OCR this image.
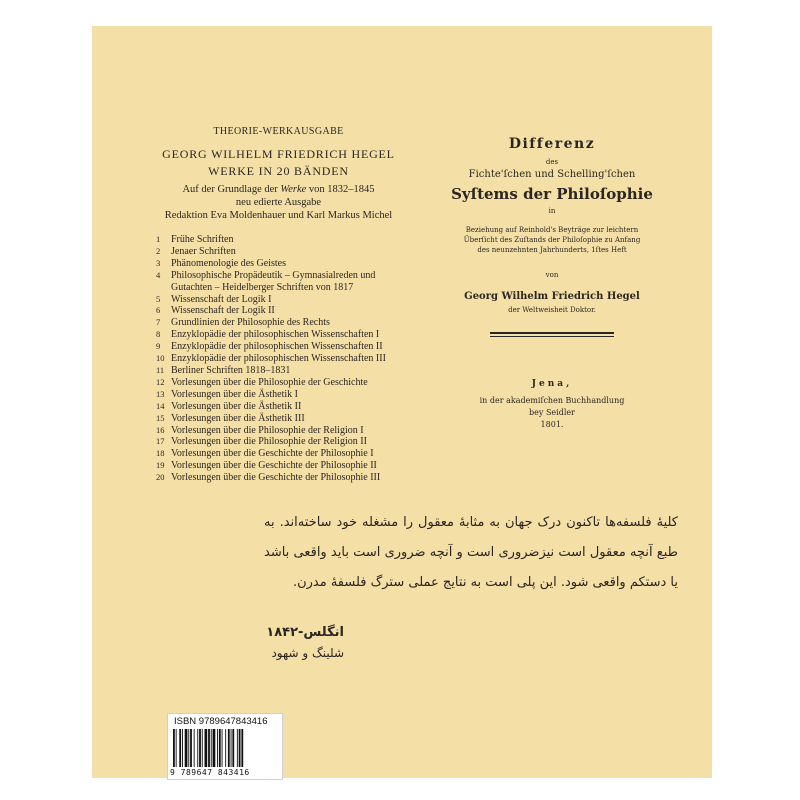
THEORIE-WERKAUSGABE

GEORG WILHELM FRIEDRICH HEGEL

WERKE IN 20 BÄNDEN

Auf der Grundlage der Werke von 1832–1845

neu edierte Ausgabe

Redaktion Eva Moldenhauer und Karl Markus Michel

1	Frühe Schriften
2	Jenaer Schriften
3	Phänomenologie des Geistes
4	Philosophische Propädeutik – Gymnasialreden und
Gutachten – Heidelberger Schriften von 1817
5	Wissenschaft der Logik I
6	Wissenschaft der Logik II
7	Grundlinien der Philosophie des Rechts
8	Enzyklopädie der philosophischen Wissenschaften I
9	Enzyklopädie der philosophischen Wissenschaften II
10 Enzyklopädie der philosophischen Wissenschaften III
11 Berliner Schriften 1818–1831
12 Vorlesungen über die Philosophie der Geschichte
13 Vorlesungen über die Ästhetik I
14 Vorlesungen über die Ästhetik II
15 Vorlesungen über die Ästhetik III
16 Vorlesungen über die Philosophie der Religion I
17 Vorlesungen über die Philosophie der Religion II
18 Vorlesungen über die Geschichte der Philosophie I
19 Vorlesungen über die Geschichte der Philosophie II
20 Vorlesungen über die Geschichte der Philosophie III

Differenz

des

Fichte'ſchen und Schelling'ſchen

Syſtems der Philoſophie

in

Beziehung auf Reinhold's Beyträge zur leichtern

Überſicht des Zuſtands der Philoſophie zu Anfang

des neunzehnten Jahrhunderts, 1ſtes Heft

von

Georg Wilhelm Friedrich Hegel

der Weltweisheit Doktor.

Jena,

in der akademiſchen Buchhandlung

bey Seidler

1801.

کلیهٔ فلسفه‌ها تاکنون درک جهان به مثابهٔ معقول را مشغله خود ساخته‌اند. به طبع آنچه معقول است نیزضروری است و آنچه ضروری است باید واقعی باشد یا دستکم واقعی شود. این پلی است به نتایج عملی سترگ فلسفهٔ مدرن.

انگلس-۱۸۴۲

شلینگ و شهود

ISBN 9789647843416

9 789647 843416
